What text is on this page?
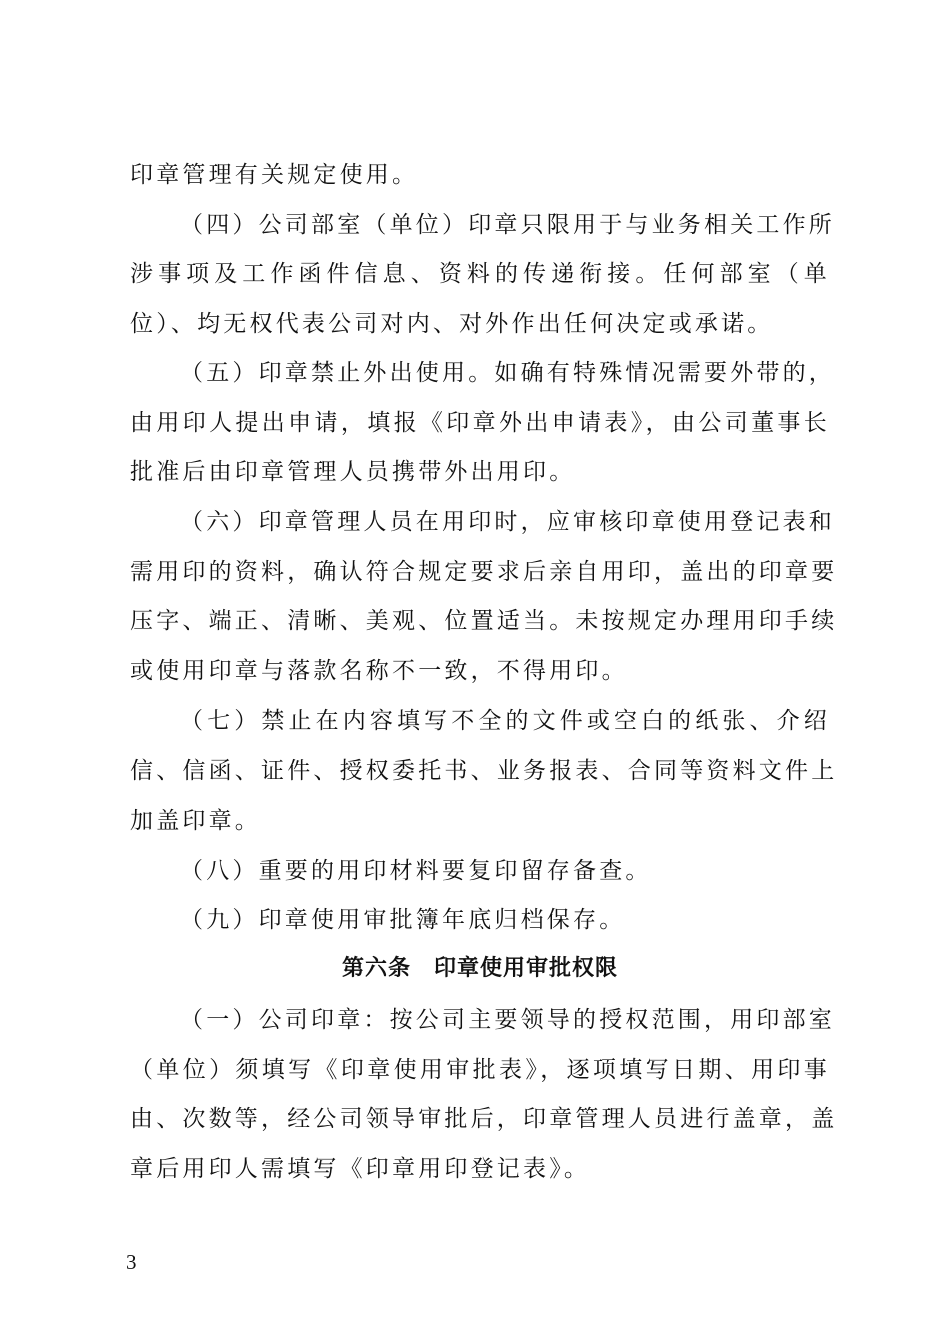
印章管理有关规定使用。
（四）公司部室（单位）印章只限用于与业务相关工作所
涉事项及工作函件信息、资料的传递衔接。任何部室（单
位）、均无权代表公司对内、对外作出任何决定或承诺。
（五）印章禁止外出使用。如确有特殊情况需要外带的，
由用印人提出申请，填报《印章外出申请表》，由公司董事长
批准后由印章管理人员携带外出用印。
（六）印章管理人员在用印时，应审核印章使用登记表和
需用印的资料，确认符合规定要求后亲自用印，盖出的印章要
压字、端正、清晰、美观、位置适当。未按规定办理用印手续
或使用印章与落款名称不一致，不得用印。
（七）禁止在内容填写不全的文件或空白的纸张、介绍
信、信函、证件、授权委托书、业务报表、合同等资料文件上
加盖印章。
（八）重要的用印材料要复印留存备查。
（九）印章使用审批簿年底归档保存。
第六条　印章使用审批权限
（一）公司印章：按公司主要领导的授权范围，用印部室
（单位）须填写《印章使用审批表》，逐项填写日期、用印事
由、次数等，经公司领导审批后，印章管理人员进行盖章，盖
章后用印人需填写《印章用印登记表》。
3
